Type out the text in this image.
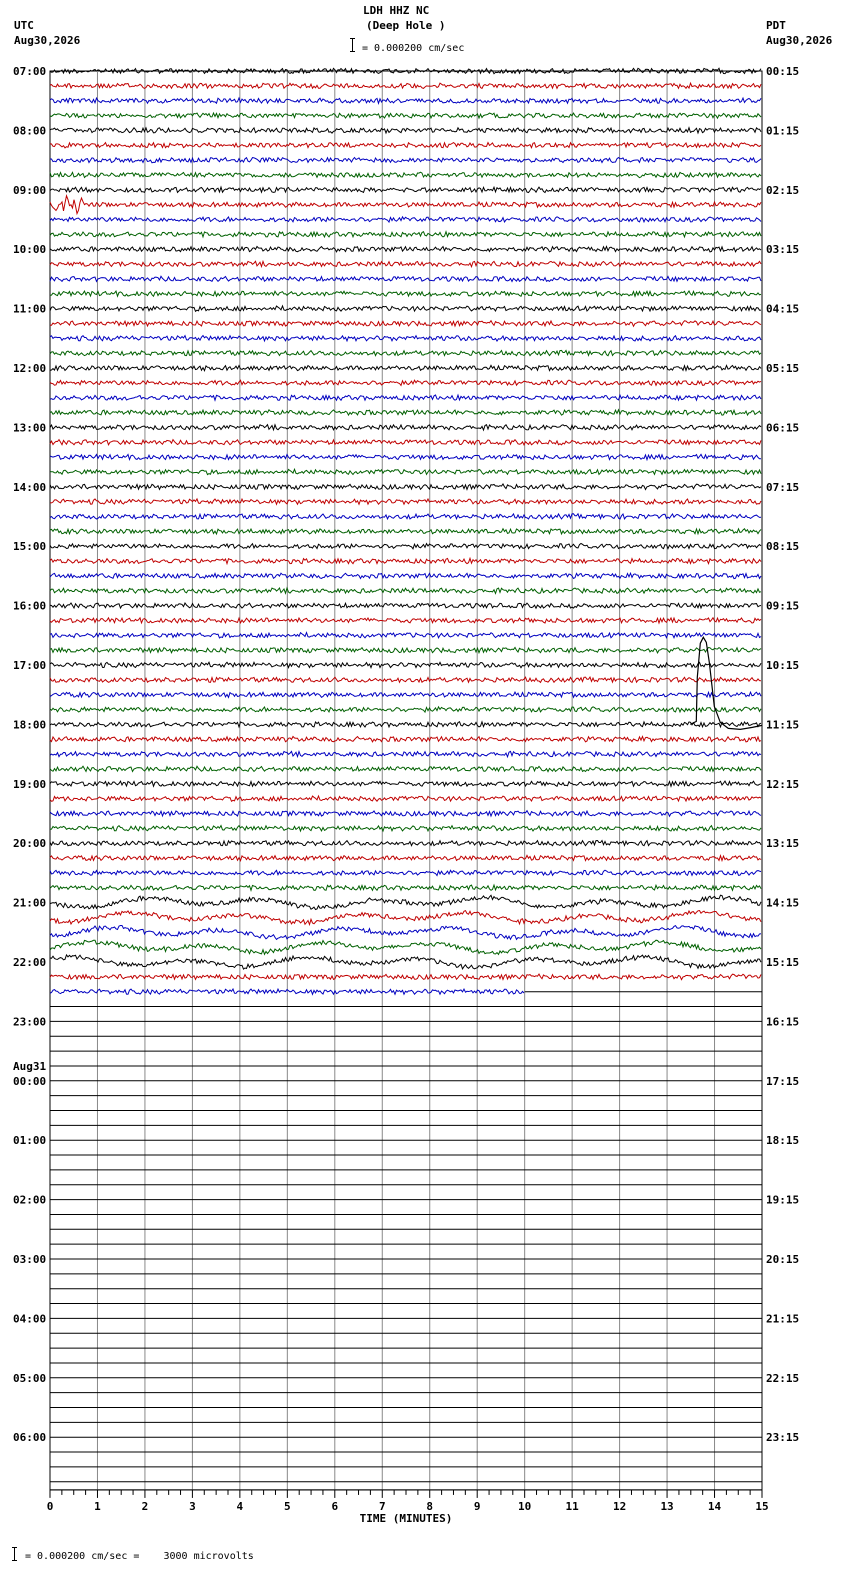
LDH HHZ NC
(Deep Hole )
UTC
Aug30,2026
PDT
Aug30,2026
= 0.000200 cm/sec
07:00
08:00
09:00
10:00
11:00
12:00
13:00
14:00
15:00
16:00
17:00
18:00
19:00
20:00
21:00
22:00
23:00
00:00
Aug31
01:00
02:00
03:00
04:00
05:00
06:00
00:15
01:15
02:15
03:15
04:15
05:15
06:15
07:15
08:15
09:15
10:15
11:15
12:15
13:15
14:15
15:15
16:15
17:15
18:15
19:15
20:15
21:15
22:15
23:15
0	1	2	3	4	5	6	7	8	9	10	11	12	13	14	15
TIME (MINUTES)
= 0.000200 cm/sec =    3000 microvolts
